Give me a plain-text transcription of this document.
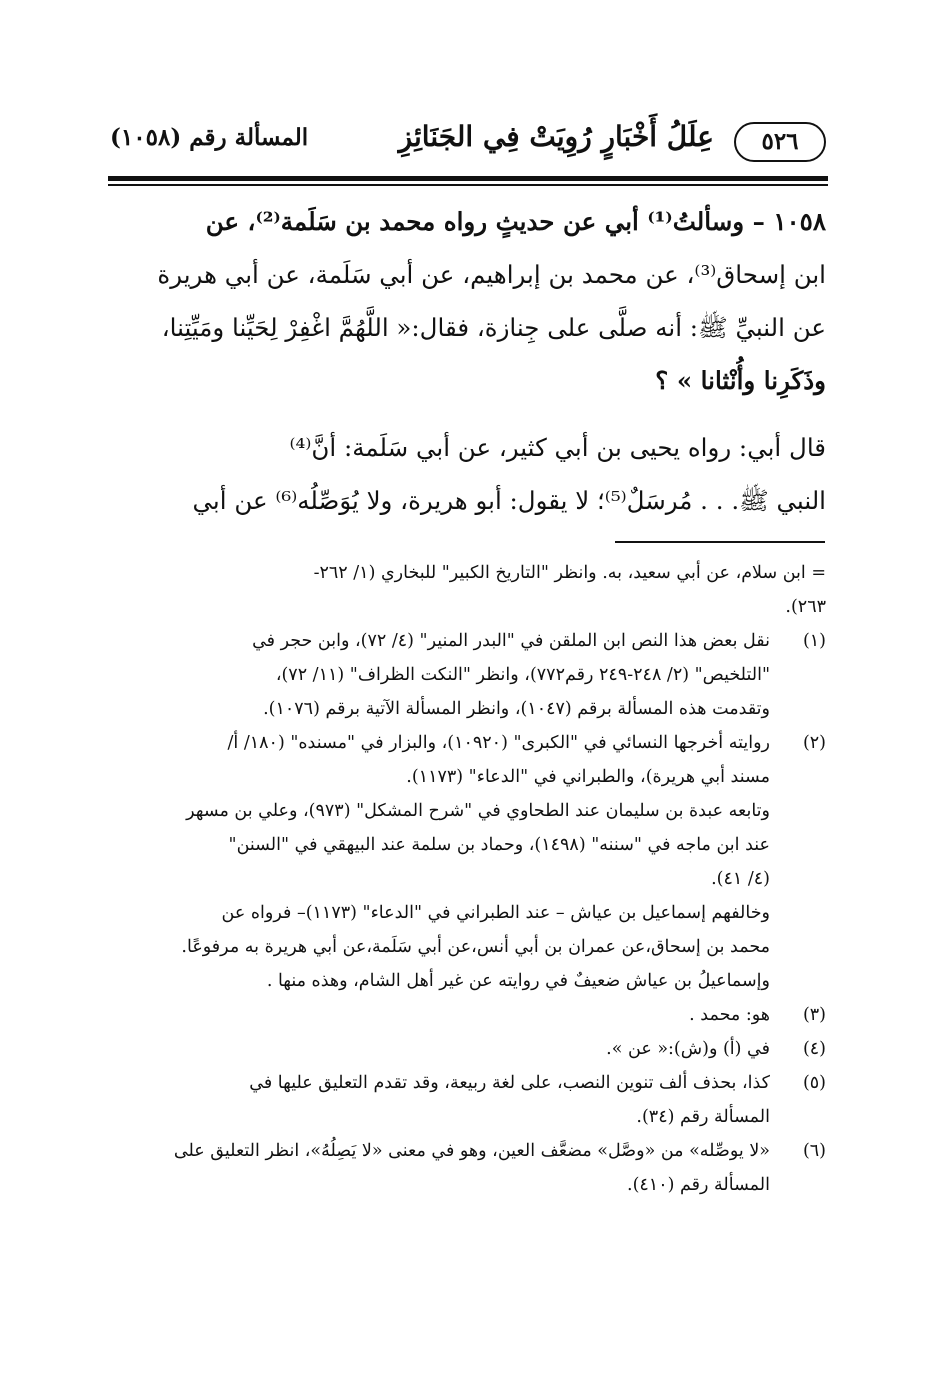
٥٢٦
عِلَلُ أَخْبَارٍ رُوِيَتْ فِي الجَنَائِزِ
المسألة رقم (١٠٥٨)

١٠٥٨ – وسألتُ⁽¹⁾ أبي عن حديثٍ رواه محمد بن سَلَمة⁽²⁾، عن
ابن إسحاق⁽³⁾، عن محمد بن إبراهيم، عن أبي سَلَمة، عن أبي هريرة
عن النبيِّ ﷺ: أنه صلَّى على جِنازة، فقال:« اللَّهُمَّ اغْفِرْ لِحَيِّنا ومَيِّتِنا،
وذَكَرِنا وأُنْثانا » ؟

قال أبي: رواه يحيى بن أبي كثير، عن أبي سَلَمة: أنَّ⁽⁴⁾
النبي ﷺ. . . مُرسَلٌ⁽⁵⁾؛ لا يقول: أبو هريرة، ولا يُوَصِّلُه⁽⁶⁾ عن أبي

= ابن سلام، عن أبي سعيد، به. وانظر "التاريخ الكبير" للبخاري (١/ ٢٦٢-
٢٦٣).
(١)
نقل بعض هذا النص ابن الملقن في "البدر المنير" (٤/ ٧٢)، وابن حجر في
"التلخيص" (٢/ ٢٤٨-٢٤٩ رقم٧٧٢)، وانظر "النكت الظراف" (١١/ ٧٢)،
وتقدمت هذه المسألة برقم (١٠٤٧)، وانظر المسألة الآتية برقم (١٠٧٦).
(٢)
روايته أخرجها النسائي في "الكبرى" (١٠٩٢٠)، والبزار في "مسنده" (١٨٠/ أ/
مسند أبي هريرة)، والطبراني في "الدعاء" (١١٧٣).
وتابعه عبدة بن سليمان عند الطحاوي في "شرح المشكل" (٩٧٣)، وعلي بن مسهر
عند ابن ماجه في "سننه" (١٤٩٨)، وحماد بن سلمة عند البيهقي في "السنن"
(٤/ ٤١).
وخالفهم إسماعيل بن عياش – عند الطبراني في "الدعاء" (١١٧٣)– فرواه عن
محمد بن إسحاق،عن عمران بن أبي أنس،عن أبي سَلَمة،عن أبي هريرة به مرفوعًا.
وإسماعيلُ بن عياش ضعيفٌ في روايته عن غير أهل الشام، وهذه منها .
(٣)
هو: محمد .
(٤)
في (أ) و(ش):« عن ».
(٥)
كذا، بحذف ألف تنوين النصب، على لغة ربيعة، وقد تقدم التعليق عليها في
المسألة رقم (٣٤).
(٦)
«لا يوصِّله» من «وصَّل» مضعَّف العين، وهو في معنى «لا يَصِلُهُ»، انظر التعليق على
المسألة رقم (٤١٠).
